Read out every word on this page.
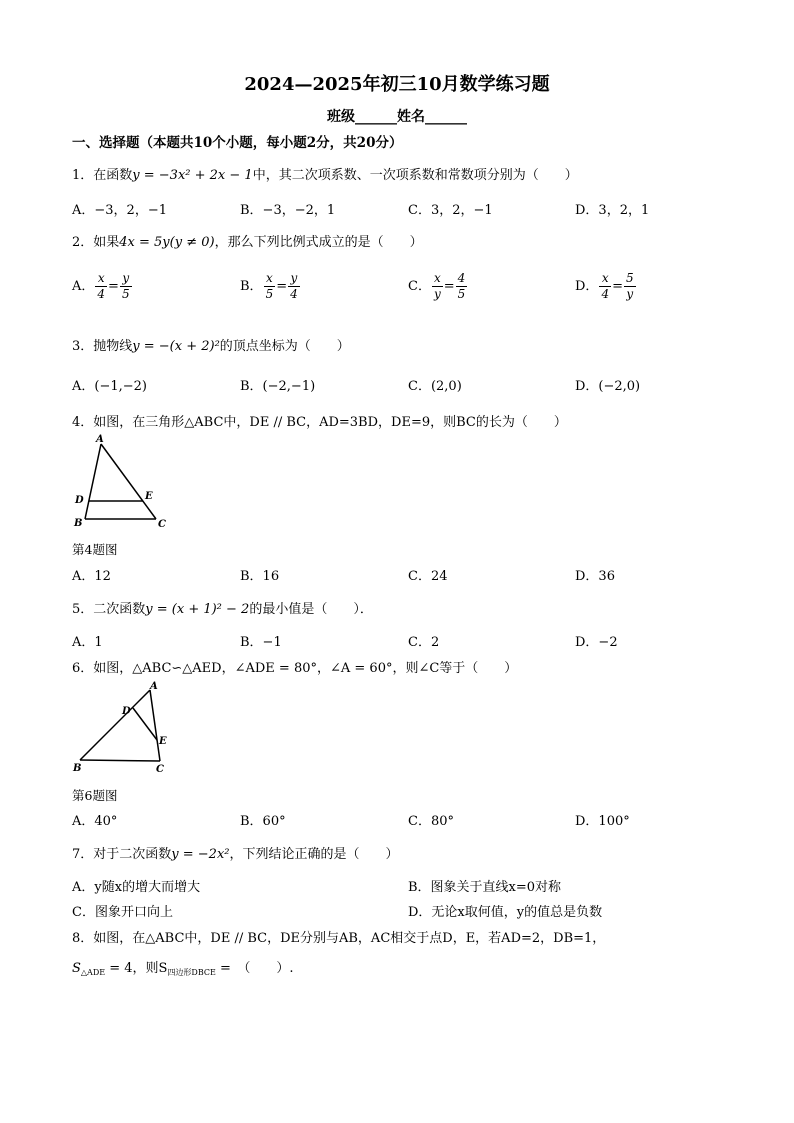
2024—2025年初三10月数学练习题
班级______姓名______
一、选择题（本题共10个小题，每小题2分，共20分）
1．在函数y = −3x² + 2x − 1中，其二次项系数、一次项系数和常数项分别为（　　）
A．−3，2，−1	B．−3，−2，1	C．3，2，−1	D．3，2，1
2．如果4x = 5y(y ≠ 0)，那么下列比例式成立的是（　　）
A． $\frac{x}{4} = \frac{y}{5}$	B． $\frac{x}{5} = \frac{y}{4}$	C． $\frac{x}{y} = \frac{4}{5}$	D． $\frac{x}{4} = \frac{5}{y}$
3．抛物线y = −(x + 2)²的顶点坐标为（　　）
A．(−1,−2)	B．(−2,−1)	C．(2,0)	D．(−2,0)
4．如图，在三角形△ABC中，DE // BC，AD=3BD，DE=9，则BC的长为（　　）
A
D	E
B	C
第4题图
A．12	B．16	C．24	D．36
5．二次函数y = (x + 1)² − 2的最小值是（　　）．
A．1	B．−1	C．2	D．−2
6．如图，△ABC∽△AED，∠ADE = 80°，∠A = 60°，则∠C等于（　　）
A
D
E
B	C
第6题图
A．40°	B．60°	C．80°	D．100°
7．对于二次函数y = −2x²，下列结论正确的是（　　）
A．y随x的增大而增大	B．图象关于直线x=0对称
C．图象开口向上	D．无论x取何值，y的值总是负数
8．如图，在△ABC中，DE // BC，DE分别与AB，AC相交于点D，E，若AD=2，DB=1，
$S_{\triangle ADE} = 4$，则$S_{四边形DBCE}$ =　（　　）.
